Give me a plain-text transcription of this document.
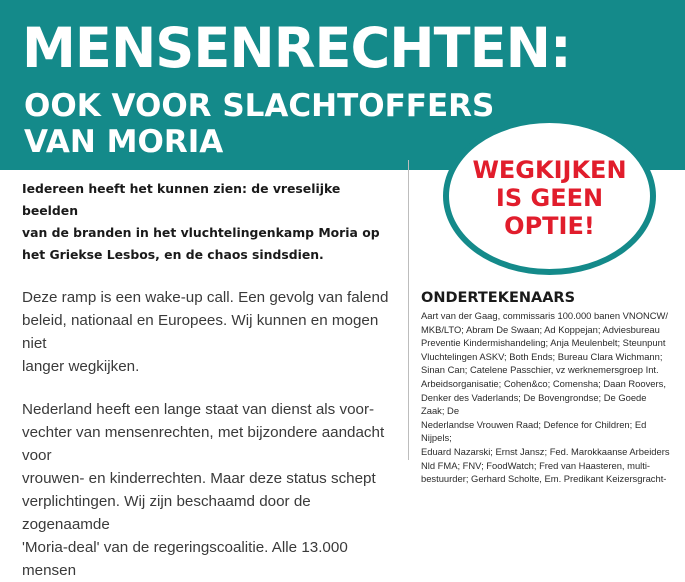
MENSENRECHTEN:
OOK VOOR SLACHTOFFERS
VAN MORIA
WEGKIJKEN
IS GEEN
OPTIE!

Iedereen heeft het kunnen zien: de vreselijke beelden
van de branden in het vluchtelingenkamp Moria op
het Griekse Lesbos, en de chaos sindsdien.

Deze ramp is een wake-up call. Een gevolg van falend
beleid, nationaal en Europees. Wij kunnen en mogen niet
langer wegkijken.

Nederland heeft een lange staat van dienst als voor-
vechter van mensenrechten, met bijzondere aandacht voor
vrouwen- en kinderrechten. Maar deze status schept
verplichtingen. Wij zijn beschaamd door de zogenaamde
'Moria-deal' van de regeringscoalitie. Alle 13.000 mensen

ONDERTEKENAARS

Aart van der Gaag, commissaris 100.000 banen VNONCW/
MKB/LTO; Abram De Swaan; Ad Koppejan; Adviesbureau
Preventie Kindermishandeling; Anja Meulenbelt; Steunpunt
Vluchtelingen ASKV; Both Ends; Bureau Clara Wichmann;
Sinan Can; Catelene Passchier, vz werknemersgroep Int.
Arbeidsorganisatie; Cohen&co; Comensha; Daan Roovers,
Denker des Vaderlands; De Bovengrondse; De Goede Zaak; De
Nederlandse Vrouwen Raad; Defence for Children; Ed Nijpels;
Eduard Nazarski; Ernst Jansz; Fed. Marokkaanse Arbeiders
Nld FMA; FNV; FoodWatch; Fred van Haasteren, multi-
bestuurder; Gerhard Scholte, Em. Predikant Keizersgracht-
